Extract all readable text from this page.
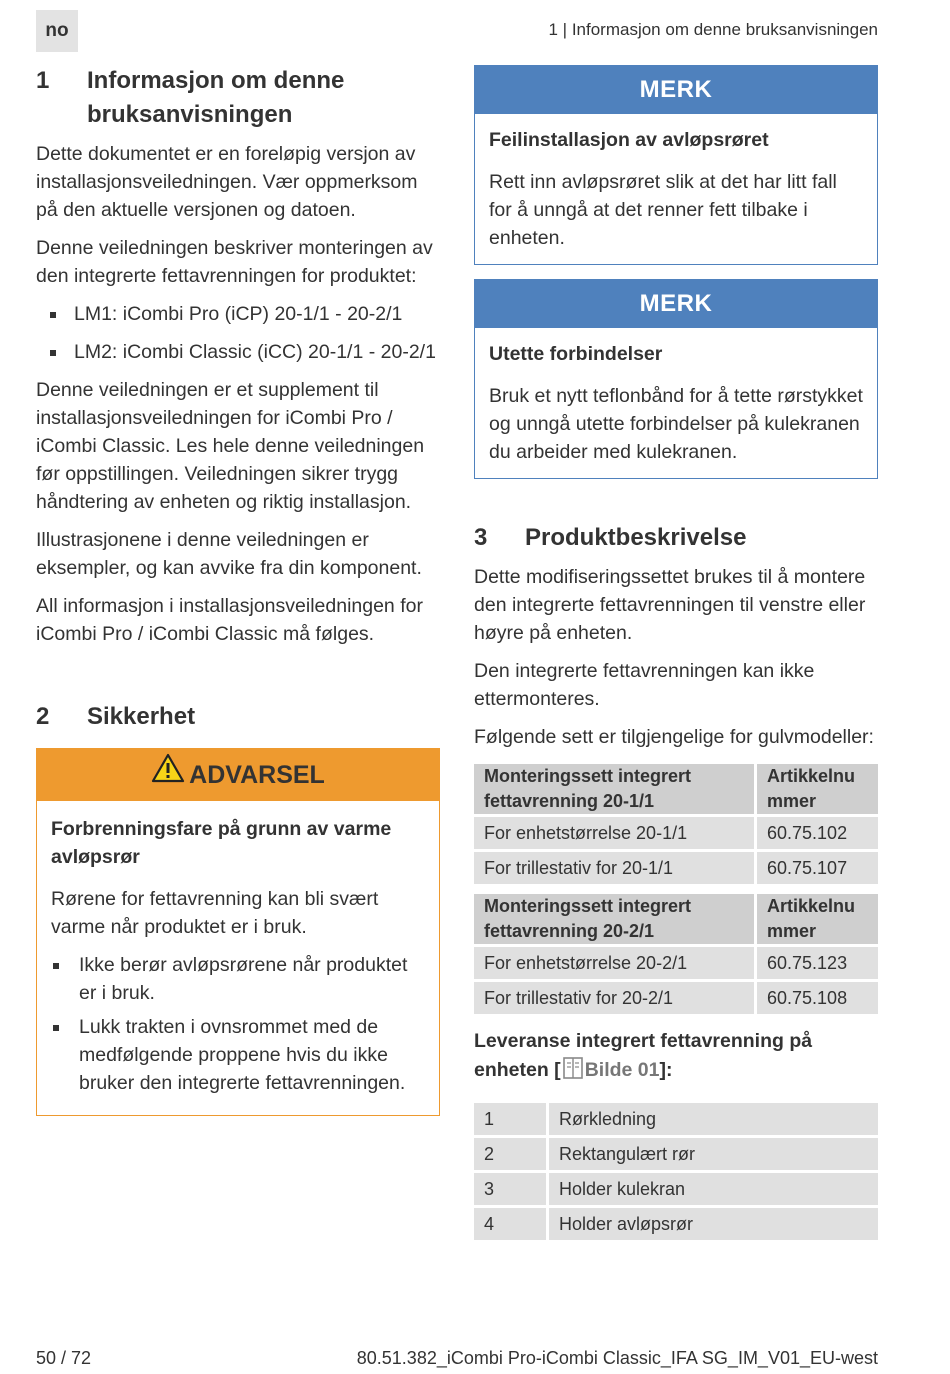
no	1 | Informasjon om denne bruksanvisningen
1	Informasjon om denne bruksanvisningen

Dette dokumentet er en foreløpig versjon av installasjonsveiledningen. Vær oppmerksom på den aktuelle versjonen og datoen.

Denne veiledningen beskriver monteringen av den integrerte fettavrenningen for produktet:

LM1: iCombi Pro (iCP) 20-1/1 - 20-2/1
LM2: iCombi Classic (iCC) 20-1/1 - 20-2/1

Denne veiledningen er et supplement til installasjonsveiledningen for iCombi Pro / iCombi Classic. Les hele denne veiledningen før oppstillingen. Veiledningen sikrer trygg håndtering av enheten og riktig installasjon.

Illustrasjonene i denne veiledningen er eksempler, og kan avvike fra din komponent.

All informasjon i installasjonsveiledningen for iCombi Pro / iCombi Classic må følges.

2	Sikkerhet
ADVARSEL
Forbrenningsfare på grunn av varme avløpsrør

Rørene for fettavrenning kan bli svært varme når produktet er i bruk.

Ikke berør avløpsrørene når produktet er i bruk.
Lukk trakten i ovnsrommet med de medfølgende proppene hvis du ikke bruker den integrerte fettavrenningen.
MERK
Feilinstallasjon av avløpsrøret

Rett inn avløpsrøret slik at det har litt fall for å unngå at det renner fett tilbake i enheten.

MERK
Utette forbindelser

Bruk et nytt teflonbånd for å tette rørstykket og unngå utette forbindelser på kulekranen du arbeider med kulekranen.

3	Produktbeskrivelse

Dette modifiseringssettet brukes til å montere den integrerte fettavrenningen til venstre eller høyre på enheten.

Den integrerte fettavrenningen kan ikke ettermonteres.

Følgende sett er tilgjengelige for gulvmodeller:

Monteringssett integrert fettavrenning 20-1/1	Artikkelnu mmer
For enhetstørrelse 20-1/1	60.75.102
For trillestativ for 20-1/1	60.75.107
Monteringssett integrert fettavrenning 20-2/1	Artikkelnu mmer
For enhetstørrelse 20-2/1	60.75.123
For trillestativ for 20-2/1	60.75.108
Leveranse integrert fettavrenning på enheten [ Bilde 01]:
1	Rørkledning
2	Rektangulært rør
3	Holder kulekran
4	Holder avløpsrør
50 / 72	80.51.382_iCombi Pro-iCombi Classic_IFA SG_IM_V01_EU-west
